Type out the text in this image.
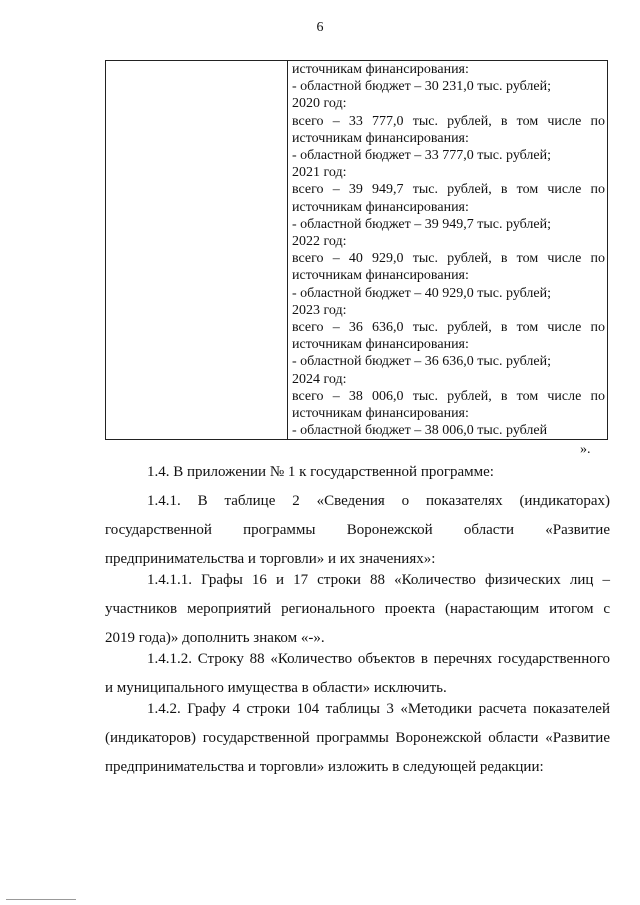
6
источникам финансирования:
- областной бюджет – 30 231,0 тыс. рублей;
2020 год:
всего – 33 777,0 тыс. рублей, в том числе по
источникам финансирования:
- областной бюджет – 33 777,0 тыс. рублей;
2021 год:
всего – 39 949,7 тыс. рублей, в том числе по
источникам финансирования:
- областной бюджет – 39 949,7 тыс. рублей;
2022 год:
всего – 40 929,0 тыс. рублей, в том числе по
источникам финансирования:
- областной бюджет – 40 929,0 тыс. рублей;
2023 год:
всего – 36 636,0 тыс. рублей, в том числе по
источникам финансирования:
- областной бюджет – 36 636,0 тыс. рублей;
2024 год:
всего – 38 006,0 тыс. рублей, в том числе по
источникам финансирования:
- областной бюджет – 38 006,0 тыс. рублей
».
1.4. В приложении № 1 к государственной программе:
1.4.1. В таблице 2 «Сведения о показателях (индикаторах)
государственной программы Воронежской области «Развитие
предпринимательства и торговли» и их значениях»:
1.4.1.1. Графы 16 и 17 строки 88 «Количество физических лиц –
участников мероприятий регионального проекта (нарастающим итогом с
2019 года)» дополнить знаком «-».
1.4.1.2. Строку 88 «Количество объектов в перечнях государственного
и муниципального имущества в области» исключить.
1.4.2. Графу 4 строки 104 таблицы 3 «Методики расчета показателей
(индикаторов) государственной программы Воронежской области «Развитие
предпринимательства и торговли» изложить в следующей редакции:
